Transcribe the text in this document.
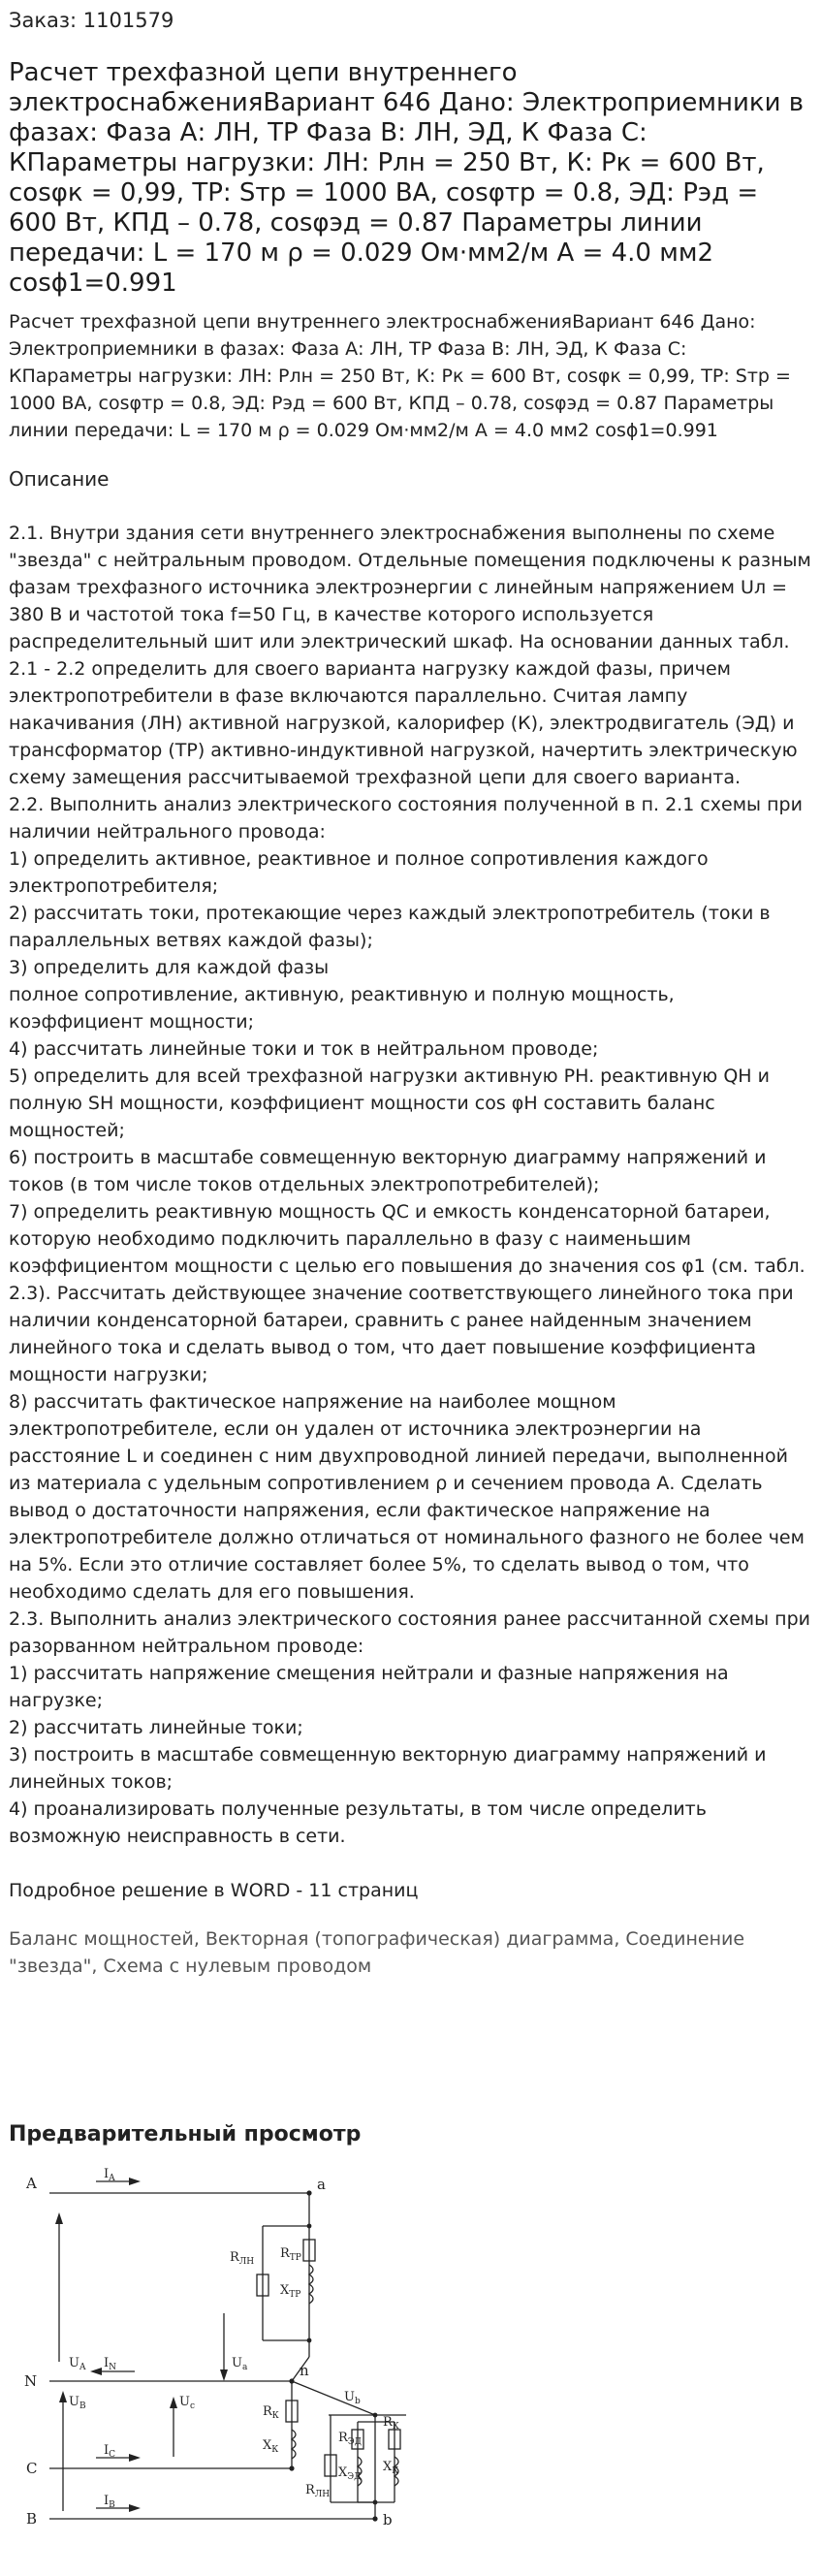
Заказ: 1101579

Расчет трехфазной цепи внутреннего электроснабженияВариант 646 Дано: Электроприемники в фазах: Фаза А: ЛН, ТР Фаза В: ЛН, ЭД, К Фаза С: КПараметры нагрузки: ЛН: Рлн = 250 Вт, К: Рк = 600 Вт, cosφк = 0,99, ТР: Sтр = 1000 ВА, cosφтр = 0.8, ЭД: Рэд = 600 Вт, КПД – 0.78, cosφэд = 0.87 Параметры линии передачи: L = 170 м ρ = 0.029 Ом·мм2/м A = 4.0 мм2 cosϕ1=0.991

Расчет трехфазной цепи внутреннего электроснабженияВариант 646 Дано: Электроприемники в фазах: Фаза А: ЛН, ТР Фаза В: ЛН, ЭД, К Фаза С: КПараметры нагрузки: ЛН: Рлн = 250 Вт, К: Рк = 600 Вт, cosφк = 0,99, ТР: Sтр = 1000 ВА, cosφтр = 0.8, ЭД: Рэд = 600 Вт, КПД – 0.78, cosφэд = 0.87 Параметры линии передачи: L = 170 м ρ = 0.029 Ом·мм2/м A = 4.0 мм2 cosϕ1=0.991

Описание

2.1. Внутри здания сети внутреннего электроснабжения выполнены по схеме "звезда" с нейтральным проводом. Отдельные помещения подключены к разным фазам трехфазного источника электроэнергии с линейным напряжением Uл = 380 В и частотой тока f=50 Гц, в качестве которого используется распределительный шит или электрический шкаф. На основании данных табл. 2.1 - 2.2 определить для своего варианта нагрузку каждой фазы, причем электропотребители в фазе включаются параллельно. Считая лампу накачивания (ЛН) активной нагрузкой, калорифер (К), электродвигатель (ЭД) и трансформатор (ТР) активно-индуктивной нагрузкой, начертить электрическую схему замещения рассчитываемой трехфазной цепи для своего варианта.
2.2. Выполнить анализ электрического состояния полученной в п. 2.1 схемы при наличии нейтрального провода:
1) определить активное, реактивное и полное сопротивления каждого электропотребителя;
2) рассчитать токи, протекающие через каждый электропотребитель (токи в параллельных ветвях каждой фазы);
3) определить для каждой фазы
полное сопротивление, активную, реактивную и полную мощность, коэффициент мощности;
4) рассчитать линейные токи и ток в нейтральном проводе;
5) определить для всей трехфазной нагрузки активную PH. реактивную QH и полную SH мощности, коэффициент мощности cos φН составить баланс мощностей;
6) построить в масштабе совмещенную векторную диаграмму напряжений и токов (в том числе токов отдельных электропотребителей);
7) определить реактивную мощность QC и емкость конденсаторной батареи, которую необходимо подключить параллельно в фазу с наименьшим коэффициентом мощности с целью его повышения до значения cos φ1 (см. табл. 2.3). Рассчитать действующее значение соответствующего линейного тока при наличии конденсаторной батареи, сравнить с ранее найденным значением линейного тока и сделать вывод о том, что дает повышение коэффициента мощности нагрузки;
8) рассчитать фактическое напряжение на наиболее мощном электропотребителе, если он удален от источника электроэнергии на расстояние L и соединен с ним двухпроводной линией передачи, выполненной из материала с удельным сопротивлением ρ и сечением провода А. Сделать вывод о достаточности напряжения, если фактическое напряжение на электропотребителе должно отличаться от номинального фазного не более чем на 5%. Если это отличие составляет более 5%, то сделать вывод о том, что необходимо сделать для его повышения.
2.3. Выполнить анализ электрического состояния ранее рассчитанной схемы при разорванном нейтральном проводе:
1) рассчитать напряжение смещения нейтрали и фазные напряжения на нагрузке;
2) рассчитать линейные токи;
3) построить в масштабе совмещенную векторную диаграмму напряжений и линейных токов;
4) проанализировать полученные результаты, в том числе определить возможную неисправность в сети.

Подробное решение в WORD - 11 страниц

Баланс мощностей, Векторная (топографическая) диаграмма, Соединение "звезда", Схема с нулевым проводом

Предварительный просмотр
A
N
C
B
a
n
b
$I_A$
$I_N$
$I_C$
$I_B$
$U_A$	$U_a$
$U_B$	$U_c$
$U_b$
$R_{ЛН}$
$R_{ТР}$
$X_{ТР}$
$R_К$
$X_К$
$R_{ЭД}$
$X_{ЭД}$
$R_К$
$X_К$
$R_{ЛН}$
